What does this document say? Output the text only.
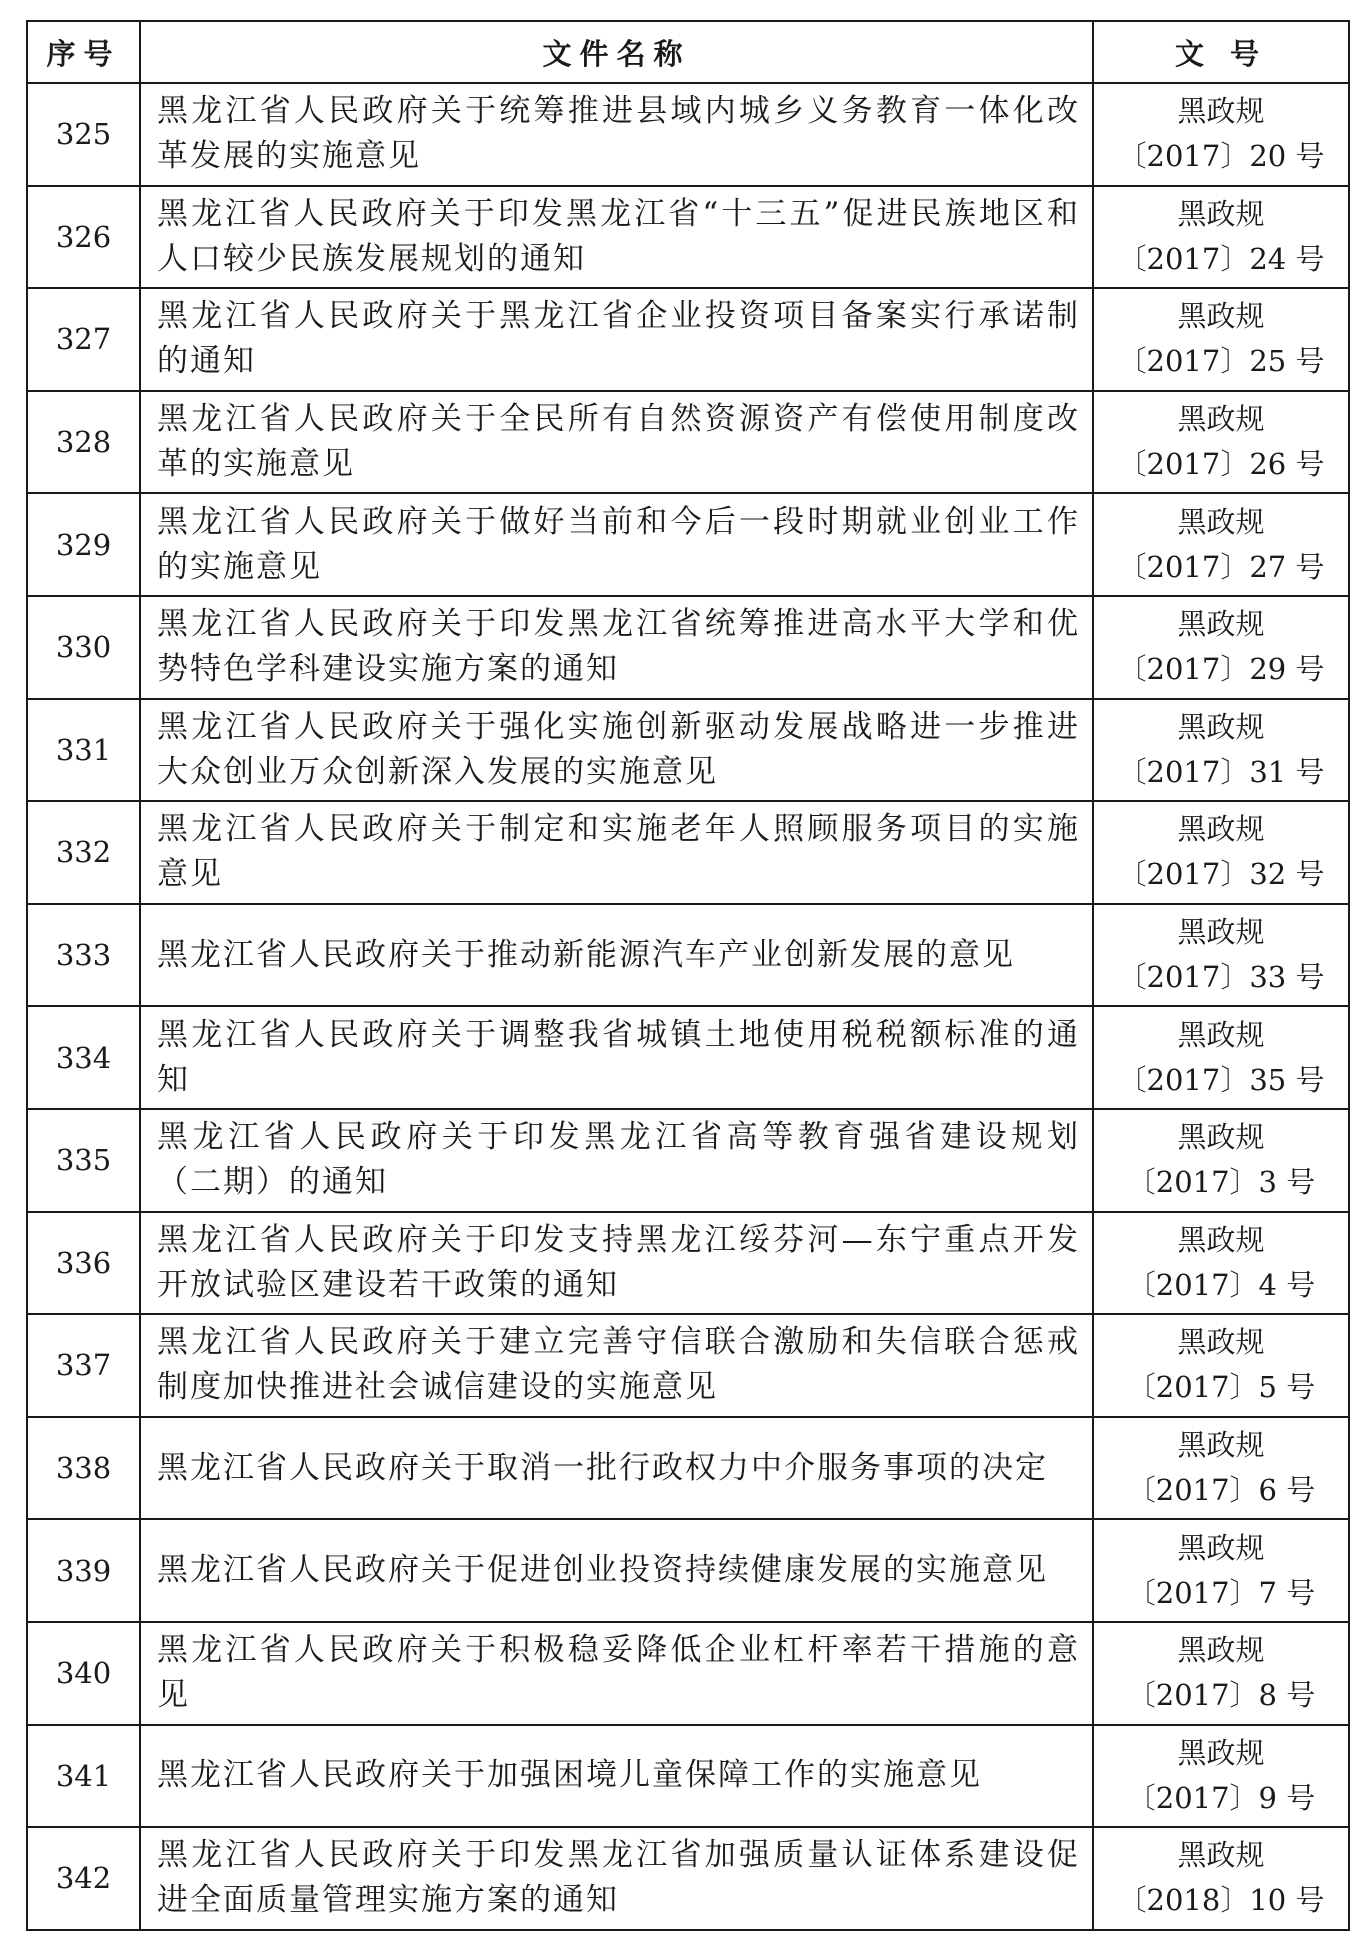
序号	文件名称	文 号
325	黑龙江省人民政府关于统筹推进县域内城乡义务教育一体化改革发展的实施意见	黑政规
〔2017〕20 号

326	黑龙江省人民政府关于印发黑龙江省“十三五”促进民族地区和人口较少民族发展规划的通知	黑政规
〔2017〕24 号

327	黑龙江省人民政府关于黑龙江省企业投资项目备案实行承诺制的通知	黑政规
〔2017〕25 号

328	黑龙江省人民政府关于全民所有自然资源资产有偿使用制度改革的实施意见	黑政规
〔2017〕26 号

329	黑龙江省人民政府关于做好当前和今后一段时期就业创业工作的实施意见	黑政规
〔2017〕27 号

330	黑龙江省人民政府关于印发黑龙江省统筹推进高水平大学和优势特色学科建设实施方案的通知	黑政规
〔2017〕29 号

331	黑龙江省人民政府关于强化实施创新驱动发展战略进一步推进大众创业万众创新深入发展的实施意见	黑政规
〔2017〕31 号

332	黑龙江省人民政府关于制定和实施老年人照顾服务项目的实施意见	黑政规
〔2017〕32 号

333	黑龙江省人民政府关于推动新能源汽车产业创新发展的意见	黑政规
〔2017〕33 号

334	黑龙江省人民政府关于调整我省城镇土地使用税税额标准的通知	黑政规
〔2017〕35 号

335	黑龙江省人民政府关于印发黑龙江省高等教育强省建设规划（二期）的通知	黑政规
〔2017〕3 号

336	黑龙江省人民政府关于印发支持黑龙江绥芬河—东宁重点开发开放试验区建设若干政策的通知	黑政规
〔2017〕4 号

337	黑龙江省人民政府关于建立完善守信联合激励和失信联合惩戒制度加快推进社会诚信建设的实施意见	黑政规
〔2017〕5 号

338	黑龙江省人民政府关于取消一批行政权力中介服务事项的决定	黑政规
〔2017〕6 号

339	黑龙江省人民政府关于促进创业投资持续健康发展的实施意见	黑政规
〔2017〕7 号

340	黑龙江省人民政府关于积极稳妥降低企业杠杆率若干措施的意见	黑政规
〔2017〕8 号

341	黑龙江省人民政府关于加强困境儿童保障工作的实施意见	黑政规
〔2017〕9 号

342	黑龙江省人民政府关于印发黑龙江省加强质量认证体系建设促进全面质量管理实施方案的通知	黑政规
〔2018〕10 号
